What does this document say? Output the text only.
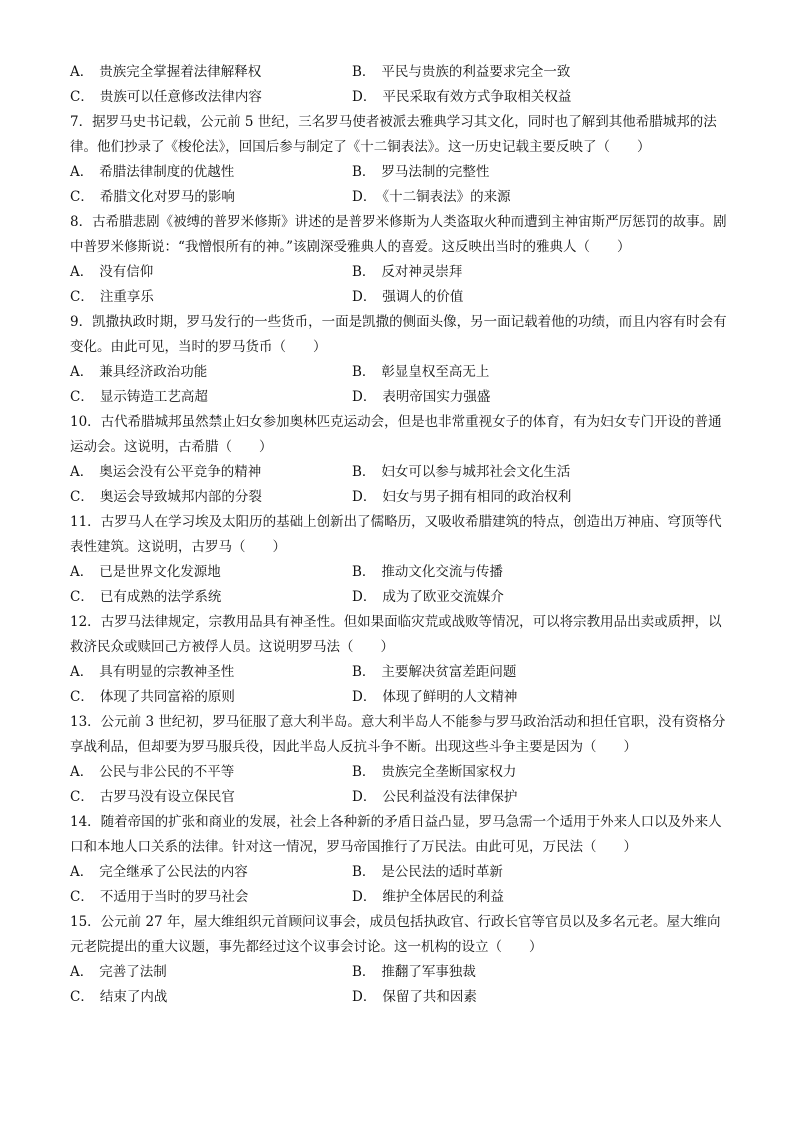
A． 贵族完全掌握着法律解释权	B． 平民与贵族的利益要求完全一致
C． 贵族可以任意修改法律内容	D． 平民采取有效方式争取相关权益
7．据罗马史书记载，公元前 5 世纪，三名罗马使者被派去雅典学习其文化，同时也了解到其他希腊城邦的法律。他们抄录了《梭伦法》，回国后参与制定了《十二铜表法》。这一历史记载主要反映了（　　）
A． 希腊法律制度的优越性	B． 罗马法制的完整性
C． 希腊文化对罗马的影响	D． 《十二铜表法》的来源
8．古希腊悲剧《被缚的普罗米修斯》讲述的是普罗米修斯为人类盗取火种而遭到主神宙斯严厉惩罚的故事。剧中普罗米修斯说：“我憎恨所有的神。”该剧深受雅典人的喜爱。这反映出当时的雅典人（　　）
A． 没有信仰	B． 反对神灵崇拜
C． 注重享乐	D． 强调人的价值
9．凯撒执政时期，罗马发行的一些货币，一面是凯撒的侧面头像，另一面记载着他的功绩，而且内容有时会有变化。由此可见，当时的罗马货币（　　）
A． 兼具经济政治功能	B． 彰显皇权至高无上
C． 显示铸造工艺高超	D． 表明帝国实力强盛
10．古代希腊城邦虽然禁止妇女参加奥林匹克运动会，但是也非常重视女子的体育，有为妇女专门开设的普通运动会。这说明，古希腊（　　）
A． 奥运会没有公平竞争的精神	B． 妇女可以参与城邦社会文化生活
C． 奥运会导致城邦内部的分裂	D． 妇女与男子拥有相同的政治权利
11．古罗马人在学习埃及太阳历的基础上创新出了儒略历，又吸收希腊建筑的特点，创造出万神庙、穹顶等代表性建筑。这说明，古罗马（　　）
A． 已是世界文化发源地	B． 推动文化交流与传播
C． 已有成熟的法学系统	D． 成为了欧亚交流媒介
12．古罗马法律规定，宗教用品具有神圣性。但如果面临灾荒或战败等情况，可以将宗教用品出卖或质押，以救济民众或赎回己方被俘人员。这说明罗马法（　　）
A． 具有明显的宗教神圣性	B． 主要解决贫富差距问题
C． 体现了共同富裕的原则	D． 体现了鲜明的人文精神
13．公元前 3 世纪初，罗马征服了意大利半岛。意大利半岛人不能参与罗马政治活动和担任官职，没有资格分享战利品，但却要为罗马服兵役，因此半岛人反抗斗争不断。出现这些斗争主要是因为（　　）
A． 公民与非公民的不平等	B． 贵族完全垄断国家权力
C． 古罗马没有设立保民官	D． 公民利益没有法律保护
14．随着帝国的扩张和商业的发展，社会上各种新的矛盾日益凸显，罗马急需一个适用于外来人口以及外来人口和本地人口关系的法律。针对这一情况，罗马帝国推行了万民法。由此可见，万民法（　　）
A． 完全继承了公民法的内容	B． 是公民法的适时革新
C． 不适用于当时的罗马社会	D． 维护全体居民的利益
15．公元前 27 年，屋大维组织元首顾问议事会，成员包括执政官、行政长官等官员以及多名元老。屋大维向元老院提出的重大议题，事先都经过这个议事会讨论。这一机构的设立（　　）
A． 完善了法制	B． 推翻了军事独裁
C． 结束了内战	D． 保留了共和因素
